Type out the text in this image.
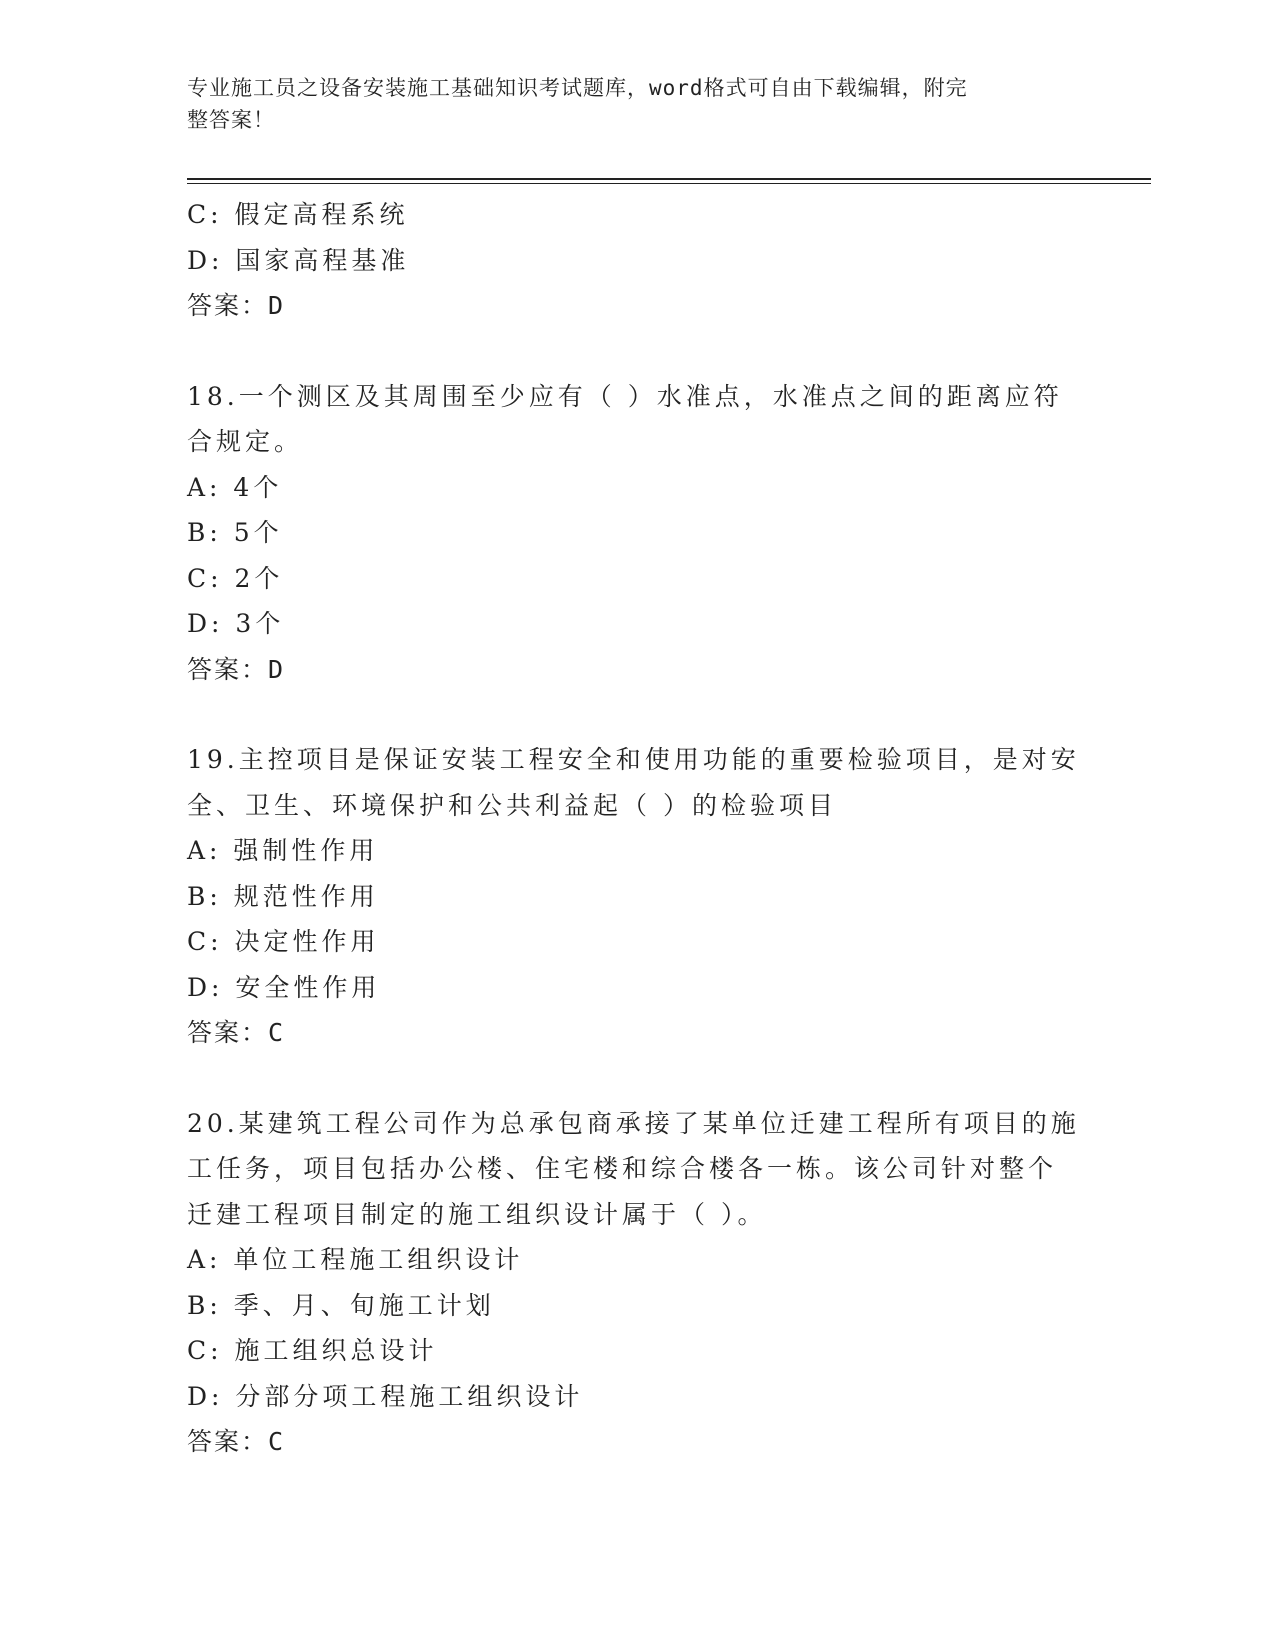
专业施工员之设备安装施工基础知识考试题库，word格式可自由下载编辑，附完
整答案！
C: 假定高程系统
D: 国家高程基准
答案：D
18.一个测区及其周围至少应有（ ）水准点，水准点之间的距离应符
合规定。
A: 4个
B: 5个
C: 2个
D: 3个
答案：D
19.主控项目是保证安装工程安全和使用功能的重要检验项目，是对安
全、卫生、环境保护和公共利益起（ ）的检验项目
A: 强制性作用
B: 规范性作用
C: 决定性作用
D: 安全性作用
答案：C
20.某建筑工程公司作为总承包商承接了某单位迁建工程所有项目的施
工任务，项目包括办公楼、住宅楼和综合楼各一栋。该公司针对整个
迁建工程项目制定的施工组织设计属于（ ）。
A: 单位工程施工组织设计
B: 季、月、旬施工计划
C: 施工组织总设计
D: 分部分项工程施工组织设计
答案：C
